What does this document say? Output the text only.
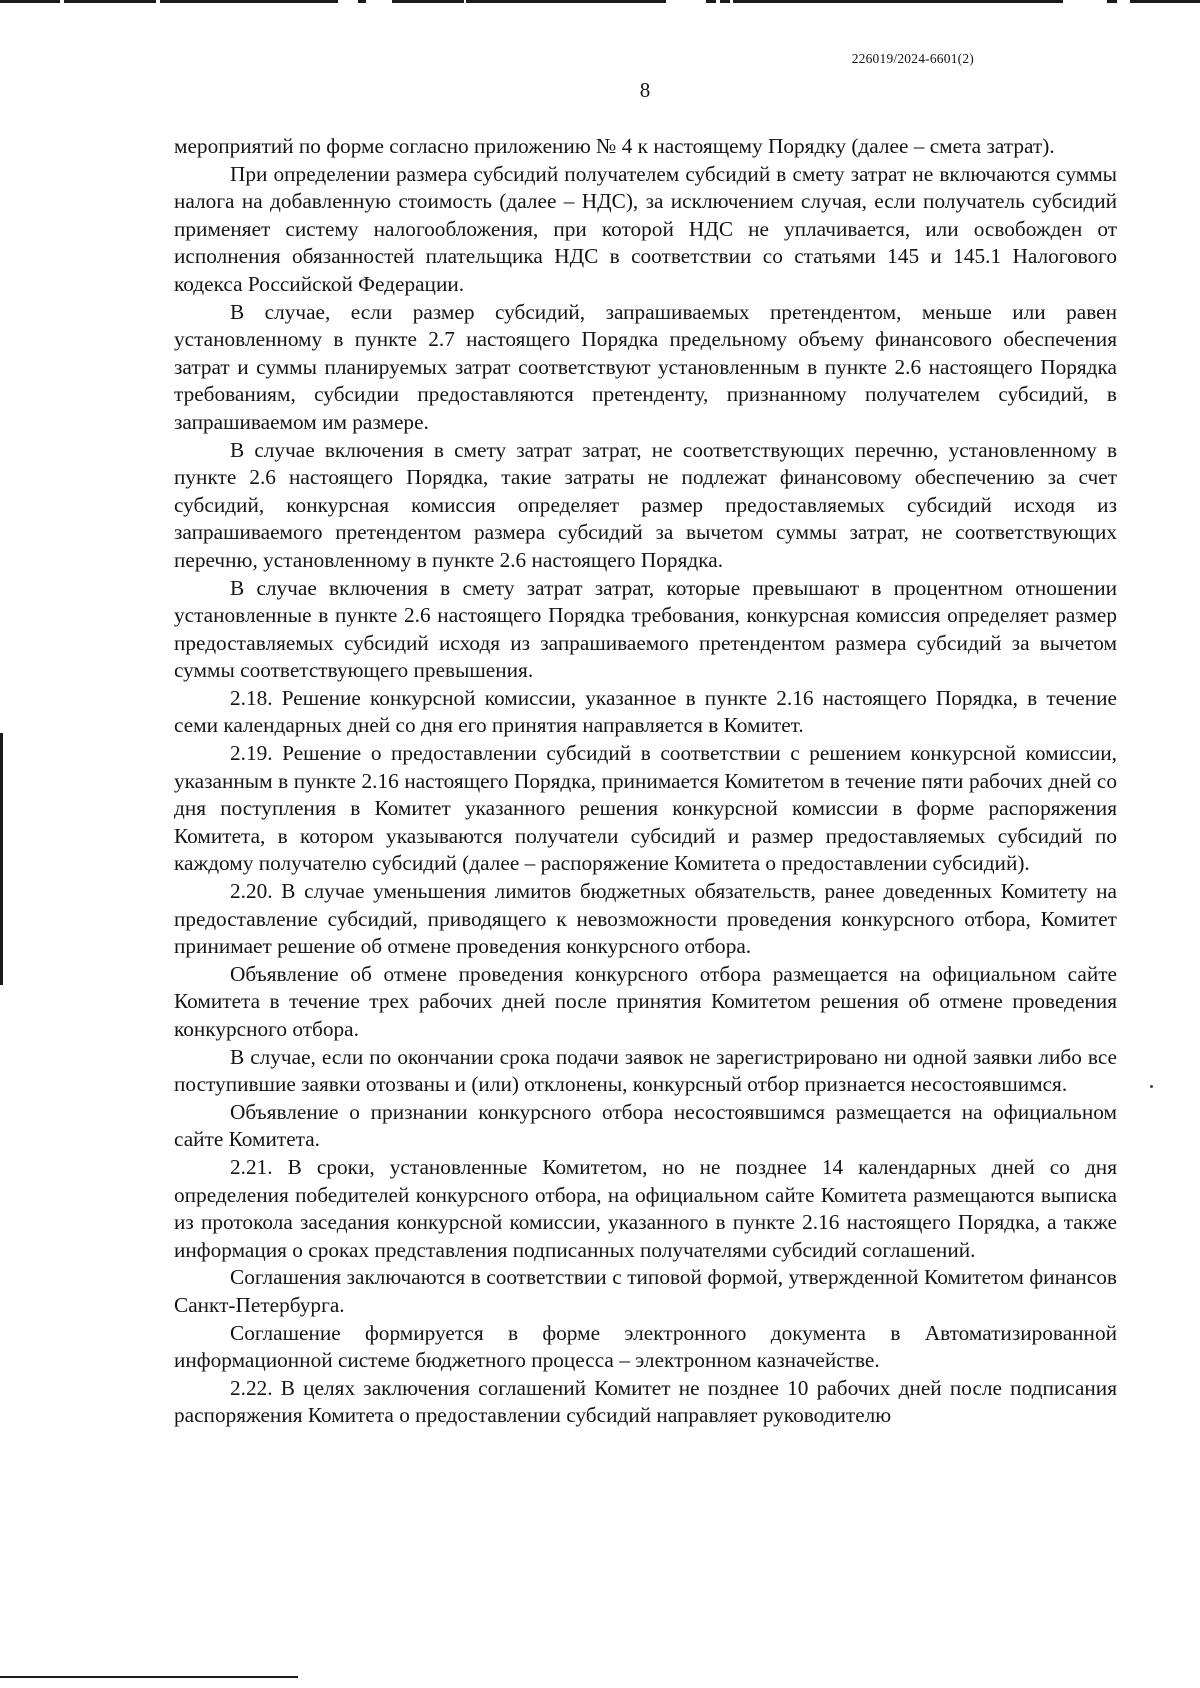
226019/2024-6601(2)
8

мероприятий по форме согласно приложению № 4 к настоящему Порядку (далее – смета затрат).

При определении размера субсидий получателем субсидий в смету затрат не включаются суммы налога на добавленную стоимость (далее – НДС), за исключением случая, если получатель субсидий применяет систему налогообложения, при которой НДС не уплачивается, или освобожден от исполнения обязанностей плательщика НДС в соответствии со статьями 145 и 145.1 Налогового кодекса Российской Федерации.

В случае, если размер субсидий, запрашиваемых претендентом, меньше или равен установленному в пункте 2.7 настоящего Порядка предельному объему финансового обеспечения затрат и суммы планируемых затрат соответствуют установленным в пункте 2.6 настоящего Порядка требованиям, субсидии предоставляются претенденту, признанному получателем субсидий, в запрашиваемом им размере.

В случае включения в смету затрат затрат, не соответствующих перечню, установленному в пункте 2.6 настоящего Порядка, такие затраты не подлежат финансовому обеспечению за счет субсидий, конкурсная комиссия определяет размер предоставляемых субсидий исходя из запрашиваемого претендентом размера субсидий за вычетом суммы затрат, не соответствующих перечню, установленному в пункте 2.6 настоящего Порядка.

В случае включения в смету затрат затрат, которые превышают в процентном отношении установленные в пункте 2.6 настоящего Порядка требования, конкурсная комиссия определяет размер предоставляемых субсидий исходя из запрашиваемого претендентом размера субсидий за вычетом суммы соответствующего превышения.

2.18. Решение конкурсной комиссии, указанное в пункте 2.16 настоящего Порядка, в течение семи календарных дней со дня его принятия направляется в Комитет.

2.19. Решение о предоставлении субсидий в соответствии с решением конкурсной комиссии, указанным в пункте 2.16 настоящего Порядка, принимается Комитетом в течение пяти рабочих дней со дня поступления в Комитет указанного решения конкурсной комиссии в форме распоряжения Комитета, в котором указываются получатели субсидий и размер предоставляемых субсидий по каждому получателю субсидий (далее – распоряжение Комитета о предоставлении субсидий).

2.20. В случае уменьшения лимитов бюджетных обязательств, ранее доведенных Комитету на предоставление субсидий, приводящего к невозможности проведения конкурсного отбора, Комитет принимает решение об отмене проведения конкурсного отбора.

Объявление об отмене проведения конкурсного отбора размещается на официальном сайте Комитета в течение трех рабочих дней после принятия Комитетом решения об отмене проведения конкурсного отбора.

В случае, если по окончании срока подачи заявок не зарегистрировано ни одной заявки либо все поступившие заявки отозваны и (или) отклонены, конкурсный отбор признается несостоявшимся.

Объявление о признании конкурсного отбора несостоявшимся размещается на официальном сайте Комитета.

2.21. В сроки, установленные Комитетом, но не позднее 14 календарных дней со дня определения победителей конкурсного отбора, на официальном сайте Комитета размещаются выписка из протокола заседания конкурсной комиссии, указанного в пункте 2.16 настоящего Порядка, а также информация о сроках представления подписанных получателями субсидий соглашений.

Соглашения заключаются в соответствии с типовой формой, утвержденной Комитетом финансов Санкт-Петербурга.

Соглашение формируется в форме электронного документа в Автоматизированной информационной системе бюджетного процесса – электронном казначействе.

2.22. В целях заключения соглашений Комитет не позднее 10 рабочих дней после подписания распоряжения Комитета о предоставлении субсидий направляет руководителю
